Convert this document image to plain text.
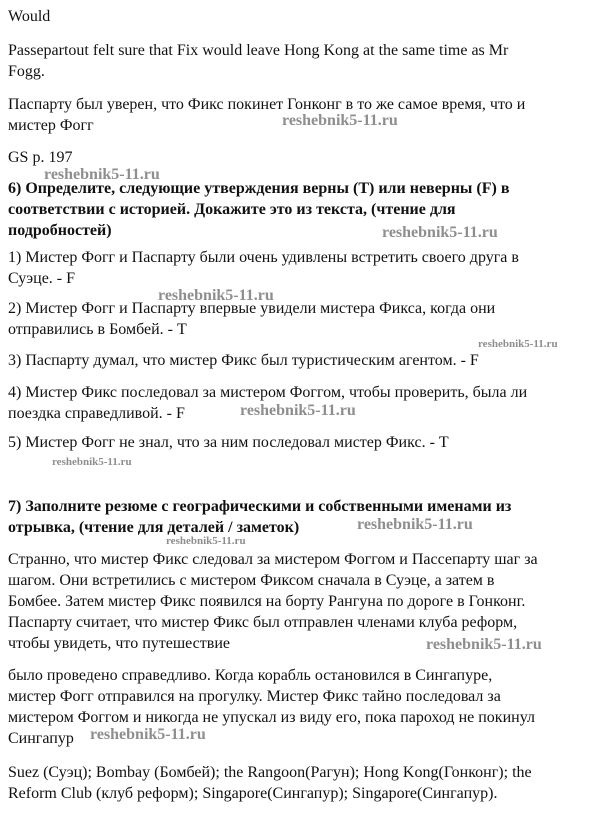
Would
Passepartout felt sure that Fix would leave Hong Kong at the same time as Mr
Fogg.
Паспарту был уверен, что Фикс покинет Гонконг в то же самое время, что и
мистер Фогг
GS p. 197
6) Определите, следующие утверждения верны (T) или неверны (F) в
соответствии с историей. Докажите это из текста, (чтение для
подробностей)
1) Мистер Фогг и Паспарту были очень удивлены встретить своего друга в
Суэце. - F
2) Мистер Фогг и Паспарту впервые увидели мистера Фикса, когда они
отправились в Бомбей. - T
3) Паспарту думал, что мистер Фикс был туристическим агентом. - F
4) Мистер Фикс последовал за мистером Фоггом, чтобы проверить, была ли
поездка справедливой. - F
5) Мистер Фогг не знал, что за ним последовал мистер Фикс. - T
7) Заполните резюме с географическими и собственными именами из
отрывка, (чтение для деталей / заметок)
Странно, что мистер Фикс следовал за мистером Фоггом и Пассепарту шаг за
шагом. Они встретились с мистером Фиксом сначала в Суэце, а затем в
Бомбее. Затем мистер Фикс появился на борту Рангуна по дороге в Гонконг.
Паспарту считает, что мистер Фикс был отправлен членами клуба реформ,
чтобы увидеть, что путешествие
было проведено справедливо. Когда корабль остановился в Сингапуре,
мистер Фогг отправился на прогулку. Мистер Фикс тайно последовал за
мистером Фоггом и никогда не упускал из виду его, пока пароход не покинул
Сингапур
Suez (Суэц); Bombay (Бомбей); the Rangoon(Рагун); Hong Kong(Гонконг); the
Reform Club (клуб реформ); Singapore(Сингапур); Singapore(Сингапур).
reshebnik5-11.ru
reshebnik5-11.ru
reshebnik5-11.ru
reshebnik5-11.ru
reshebnik5-11.ru
reshebnik5-11.ru
reshebnik5-11.ru
reshebnik5-11.ru
reshebnik5-11.ru
reshebnik5-11.ru
reshebnik5-11.ru
